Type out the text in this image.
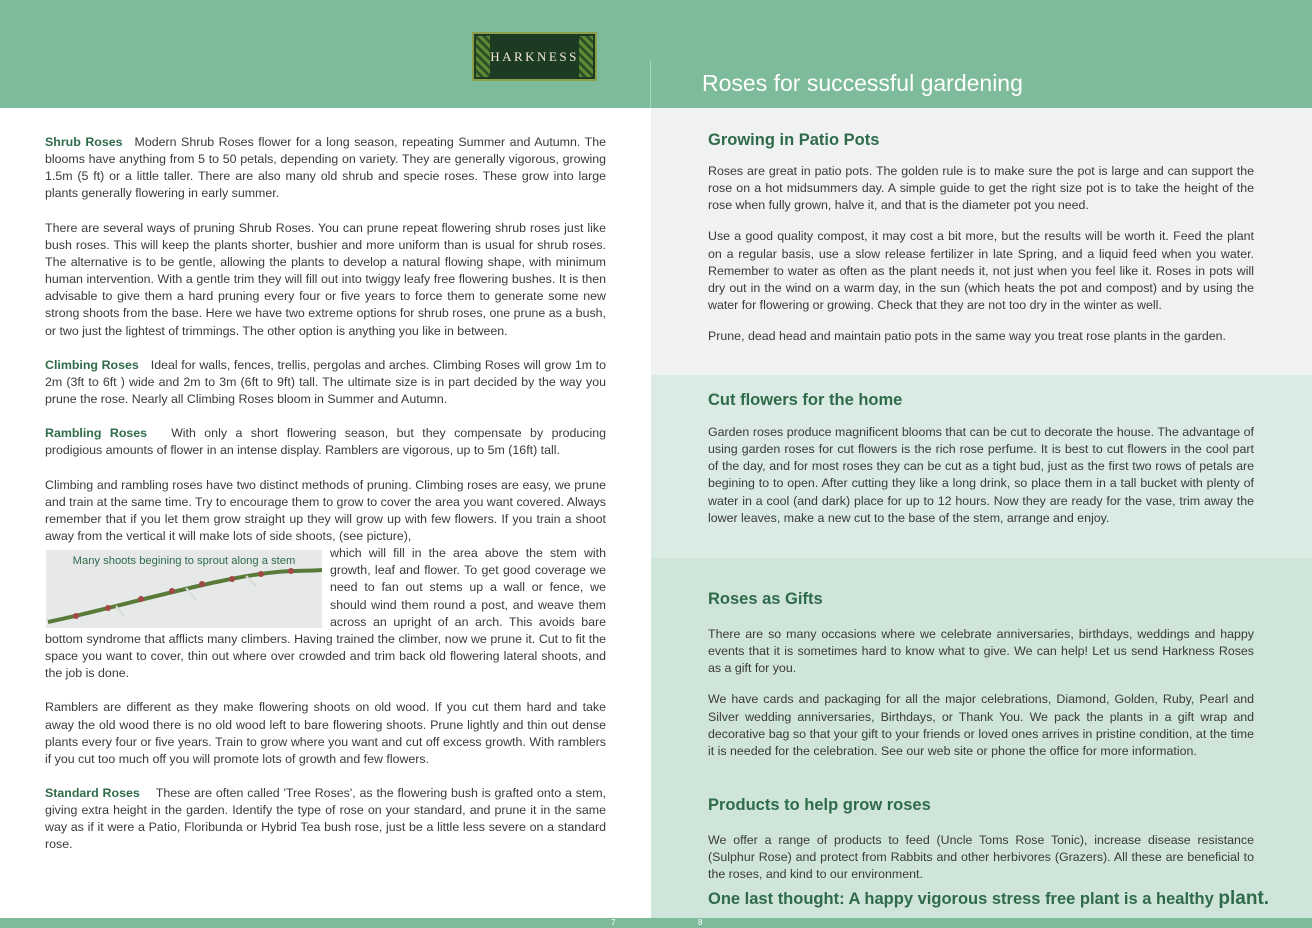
HARKNESS
Roses for successful gardening

Shrub Roses Modern Shrub Roses flower for a long season, repeating Summer and Autumn. The blooms have anything from 5 to 50 petals, depending on variety. They are generally vigorous, growing 1.5m (5 ft) or a little taller. There are also many old shrub and specie roses. These grow into large plants generally flowering in early summer.

There are several ways of pruning Shrub Roses. You can prune repeat flowering shrub roses just like bush roses. This will keep the plants shorter, bushier and more uniform than is usual for shrub roses. The alternative is to be gentle, allowing the plants to develop a natural flowing shape, with minimum human intervention. With a gentle trim they will fill out into twiggy leafy free flowering bushes. It is then advisable to give them a hard pruning every four or five years to force them to generate some new strong shoots from the base. Here we have two extreme options for shrub roses, one prune as a bush, or two just the lightest of trimmings. The other option is anything you like in between.

Climbing Roses Ideal for walls, fences, trellis, pergolas and arches. Climbing Roses will grow 1m to 2m (3ft to 6ft ) wide and 2m to 3m (6ft to 9ft) tall. The ultimate size is in part decided by the way you prune the rose. Nearly all Climbing Roses bloom in Summer and Autumn.

Rambling Roses With only a short flowering season, but they compensate by producing prodigious amounts of flower in an intense display. Ramblers are vigorous, up to 5m (16ft) tall.

Climbing and rambling roses have two distinct methods of pruning. Climbing roses are easy, we prune and train at the same time. Try to encourage them to grow to cover the area you want covered. Always remember that if you let them grow straight up they will grow up with few flowers. If you train a shoot away from the vertical it will make lots of side shoots, (see picture),

Many shoots begining to sprout along a stem
which will fill in the area above the stem with growth, leaf and flower. To get good coverage we need to fan out stems up a wall or fence, we should wind them round a post, and weave them across an upright of an arch. This avoids bare bottom syndrome that afflicts many climbers. Having trained the climber, now we prune it. Cut to fit the space you want to cover, thin out where over crowded and trim back old flowering lateral shoots, and the job is done.

Ramblers are different as they make flowering shoots on old wood. If you cut them hard and take away the old wood there is no old wood left to bare flowering shoots. Prune lightly and thin out dense plants every four or five years. Train to grow where you want and cut off excess growth. With ramblers if you cut too much off you will promote lots of growth and few flowers.

Standard Roses These are often called 'Tree Roses', as the flowering bush is grafted onto a stem, giving extra height in the garden. Identify the type of rose on your standard, and prune it in the same way as if it were a Patio, Floribunda or Hybrid Tea bush rose, just be a little less severe on a standard rose.

Growing in Patio Pots

Roses are great in patio pots. The golden rule is to make sure the pot is large and can support the rose on a hot midsummers day. A simple guide to get the right size pot is to take the height of the rose when fully grown, halve it, and that is the diameter pot you need.

Use a good quality compost, it may cost a bit more, but the results will be worth it. Feed the plant on a regular basis, use a slow release fertilizer in late Spring, and a liquid feed when you water. Remember to water as often as the plant needs it, not just when you feel like it. Roses in pots will dry out in the wind on a warm day, in the sun (which heats the pot and compost) and by using the water for flowering or growing. Check that they are not too dry in the winter as well.

Prune, dead head and maintain patio pots in the same way you treat rose plants in the garden.

Cut flowers for the home

Garden roses produce magnificent blooms that can be cut to decorate the house. The advantage of using garden roses for cut flowers is the rich rose perfume. It is best to cut flowers in the cool part of the day, and for most roses they can be cut as a tight bud, just as the first two rows of petals are begining to to open. After cutting they like a long drink, so place them in a tall bucket with plenty of water in a cool (and dark) place for up to 12 hours. Now they are ready for the vase, trim away the lower leaves, make a new cut to the base of the stem, arrange and enjoy.

Roses as Gifts

There are so many occasions where we celebrate anniversaries, birthdays, weddings and happy events that it is sometimes hard to know what to give. We can help! Let us send Harkness Roses as a gift for you.

We have cards and packaging for all the major celebrations, Diamond, Golden, Ruby, Pearl and Silver wedding anniversaries, Birthdays, or Thank You. We pack the plants in a gift wrap and decorative bag so that your gift to your friends or loved ones arrives in pristine condition, at the time it is needed for the celebration. See our web site or phone the office for more information.

Products to help grow roses

We offer a range of products to feed (Uncle Toms Rose Tonic), increase disease resistance (Sulphur Rose) and protect from Rabbits and other herbivores (Grazers). All these are beneficial to the roses, and kind to our environment.

One last thought: A happy vigorous stress free plant is a healthy plant.
7	8
